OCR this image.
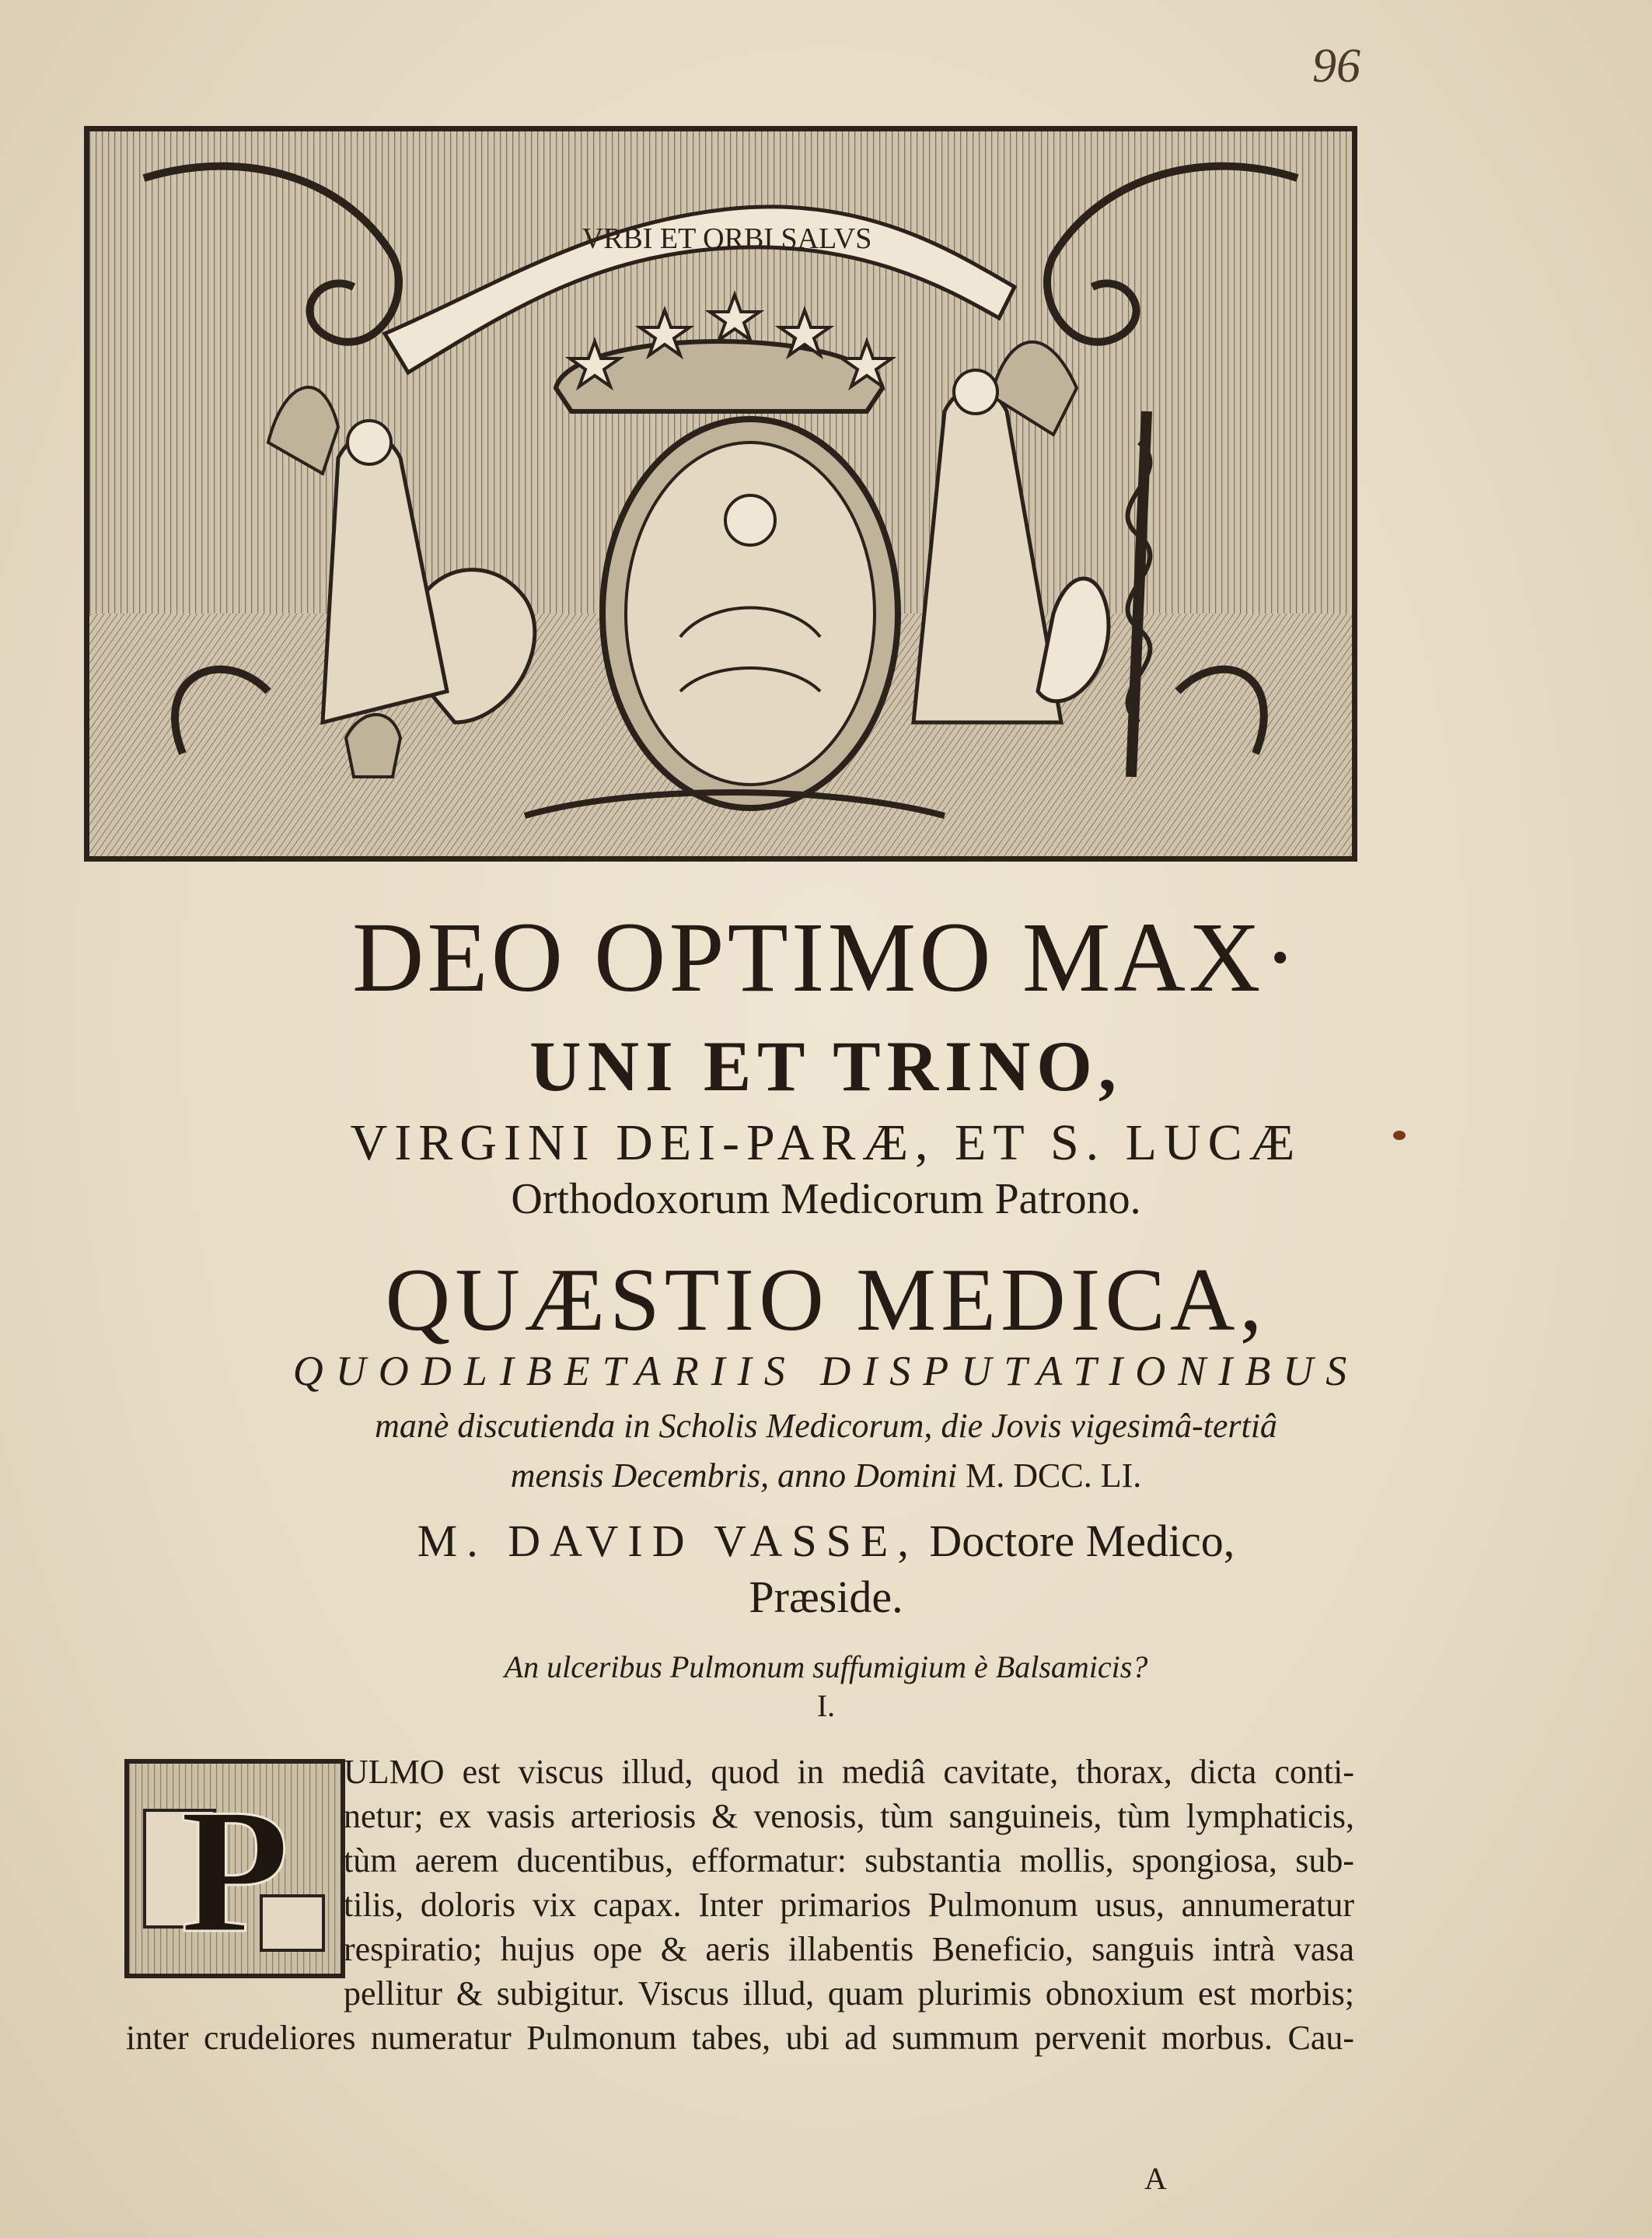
96
VRBI ET ORBI SALVS
DEO OPTIMO MAX·
UNI ET TRINO,
VIRGINI DEI-PARÆ, ET S. LUCÆ
Orthodoxorum Medicorum Patrono.
QUÆSTIO MEDICA,
QUODLIBETARIIS DISPUTATIONIBUS
manè discutienda in Scholis Medicorum, die Jovis vigesimâ-tertiâ
mensis Decembris, anno Domini M. DCC. LI.
M. DAVID VASSE, Doctore Medico,
Præside.
An ulceribus Pulmonum suffumigium è Balsamicis?
I.
P	ULMO est viscus illud, quod in mediâ cavitate, thorax, dicta conti-
netur; ex vasis arteriosis & venosis, tùm sanguineis, tùm lymphaticis,
tùm aerem ducentibus, efformatur: substantia mollis, spongiosa, sub-
tilis, doloris vix capax. Inter primarios Pulmonum usus, annumeratur
respiratio; hujus ope & aeris illabentis Beneficio, sanguis intrà vasa
pellitur & subigitur. Viscus illud, quam plurimis obnoxium est morbis;
inter crudeliores numeratur Pulmonum tabes, ubi ad summum pervenit morbus. Cau-
A
